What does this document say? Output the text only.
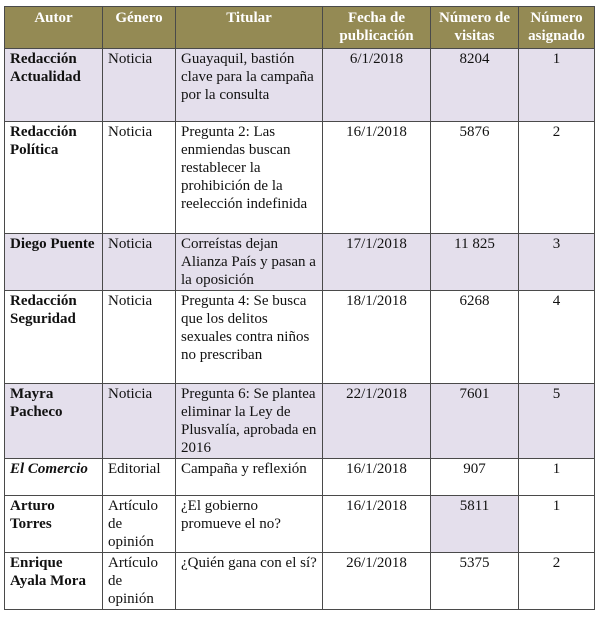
Autor	Género	Titular	Fecha de publicación	Número de visitas	Número asignado
Redacción Actualidad	Noticia	Guayaquil, bastión clave para la campaña por la consulta	6/1/2018	8204	1
Redacción Política	Noticia	Pregunta 2: Las enmiendas buscan restablecer la prohibición de la reelección indefinida	16/1/2018	5876	2
Diego Puente	Noticia	Correístas dejan Alianza País y pasan a la oposición	17/1/2018	11 825	3
Redacción Seguridad	Noticia	Pregunta 4: Se busca que los delitos sexuales contra niños no prescriban	18/1/2018	6268	4
Mayra Pacheco	Noticia	Pregunta 6: Se plantea eliminar la Ley de Plusvalía, aprobada en 2016	22/1/2018	7601	5
El Comercio	Editorial	Campaña y reflexión	16/1/2018	907	1
Arturo Torres	Artículo de opinión	¿El gobierno promueve el no?	16/1/2018	5811	1
Enrique Ayala Mora	Artículo de opinión	¿Quién gana con el sí?	26/1/2018	5375	2
